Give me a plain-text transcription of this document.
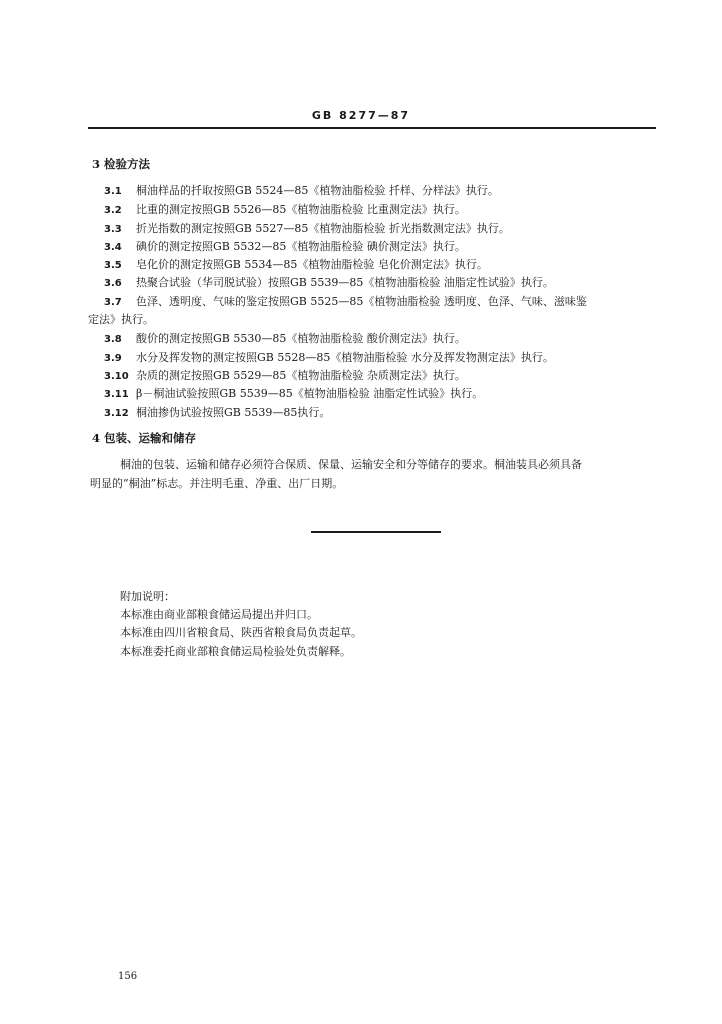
GB 8277—87
3 检验方法
3.1 桐油样品的扦取按照GB 5524—85《植物油脂检验 扦样、分样法》执行。
3.2 比重的测定按照GB 5526—85《植物油脂检验 比重测定法》执行。
3.3 折光指数的测定按照GB 5527—85《植物油脂检验 折光指数测定法》执行。
3.4 碘价的测定按照GB 5532—85《植物油脂检验 碘价测定法》执行。
3.5 皂化价的测定按照GB 5534—85《植物油脂检验 皂化价测定法》执行。
3.6 热聚合试验（华司脱试验）按照GB 5539—85《植物油脂检验 油脂定性试验》执行。
3.7 色泽、透明度、气味的鉴定按照GB 5525—85《植物油脂检验 透明度、色泽、气味、滋味鉴
定法》执行。
3.8 酸价的测定按照GB 5530—85《植物油脂检验 酸价测定法》执行。
3.9 水分及挥发物的测定按照GB 5528—85《植物油脂检验 水分及挥发物测定法》执行。
3.10 杂质的测定按照GB 5529—85《植物油脂检验 杂质测定法》执行。
3.11 β－桐油试验按照GB 5539—85《植物油脂检验 油脂定性试验》执行。
3.12 桐油掺伪试验按照GB 5539—85执行。
4 包装、运输和储存
桐油的包装、运输和储存必须符合保质、保量、运输安全和分等储存的要求。桐油装具必须具备
明显的“桐油”标志。并注明毛重、净重、出厂日期。
附加说明：
本标准由商业部粮食储运局提出并归口。
本标准由四川省粮食局、陕西省粮食局负责起草。
本标准委托商业部粮食储运局检验处负责解释。
156
